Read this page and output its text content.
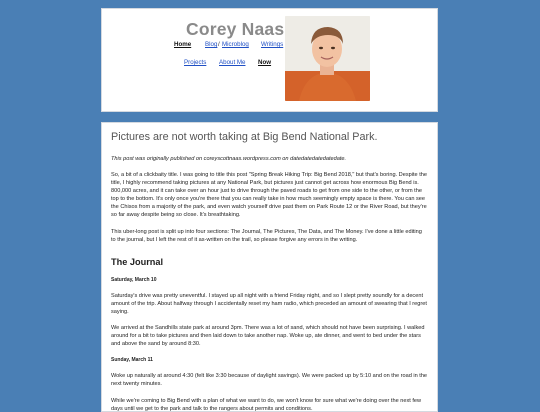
Corey Naas
Home Blog / Microblog Writings
Projects About Me Now
Pictures are not worth taking at Big Bend National Park.

This post was originally published on coreyscottnaas.wordpress.com on datedatedatedatedate.

So, a bit of a clickbaity title. I was going to title this post "Spring Break Hiking Trip: Big Bend 2018," but that's boring. Despite the title, I highly recommend taking pictures at any National Park, but pictures just cannot get across how enormous Big Bend is. 800,000 acres, and it can take over an hour just to drive through the paved roads to get from one side to the other, or from the top to the bottom. It's only once you're there that you can really take in how much seemingly empty space is there. You can see the Chisos from a majority of the park, and even watch yourself drive past them on Park Route 12 or the River Road, but they're so far away despite being so close. It's breathtaking.

This uber-long post is split up into four sections: The Journal, The Pictures, The Data, and The Money. I've done a little editing to the journal, but I left the rest of it as-written on the trail, so please forgive any errors in the writing.

The Journal

Saturday, March 10

Saturday's drive was pretty uneventful. I stayed up all night with a friend Friday night, and so I slept pretty soundly for a decent amount of the trip. About halfway through I accidentally reset my ham radio, which preceded an amount of swearing that I regret saying.

We arrived at the Sandhills state park at around 3pm. There was a lot of sand, which should not have been surprising. I walked around for a bit to take pictures and then laid down to take another nap. Woke up, ate dinner, and went to bed under the stars and above the sand by around 8:30.

Sunday, March 11

Woke up naturally at around 4:30 (felt like 3:30 because of daylight savings). We were packed up by 5:10 and on the road in the next twenty minutes.

While we're coming to Big Bend with a plan of what we want to do, we won't know for sure what we're doing over the next few days until we get to the park and talk to the rangers about permits and conditions.
